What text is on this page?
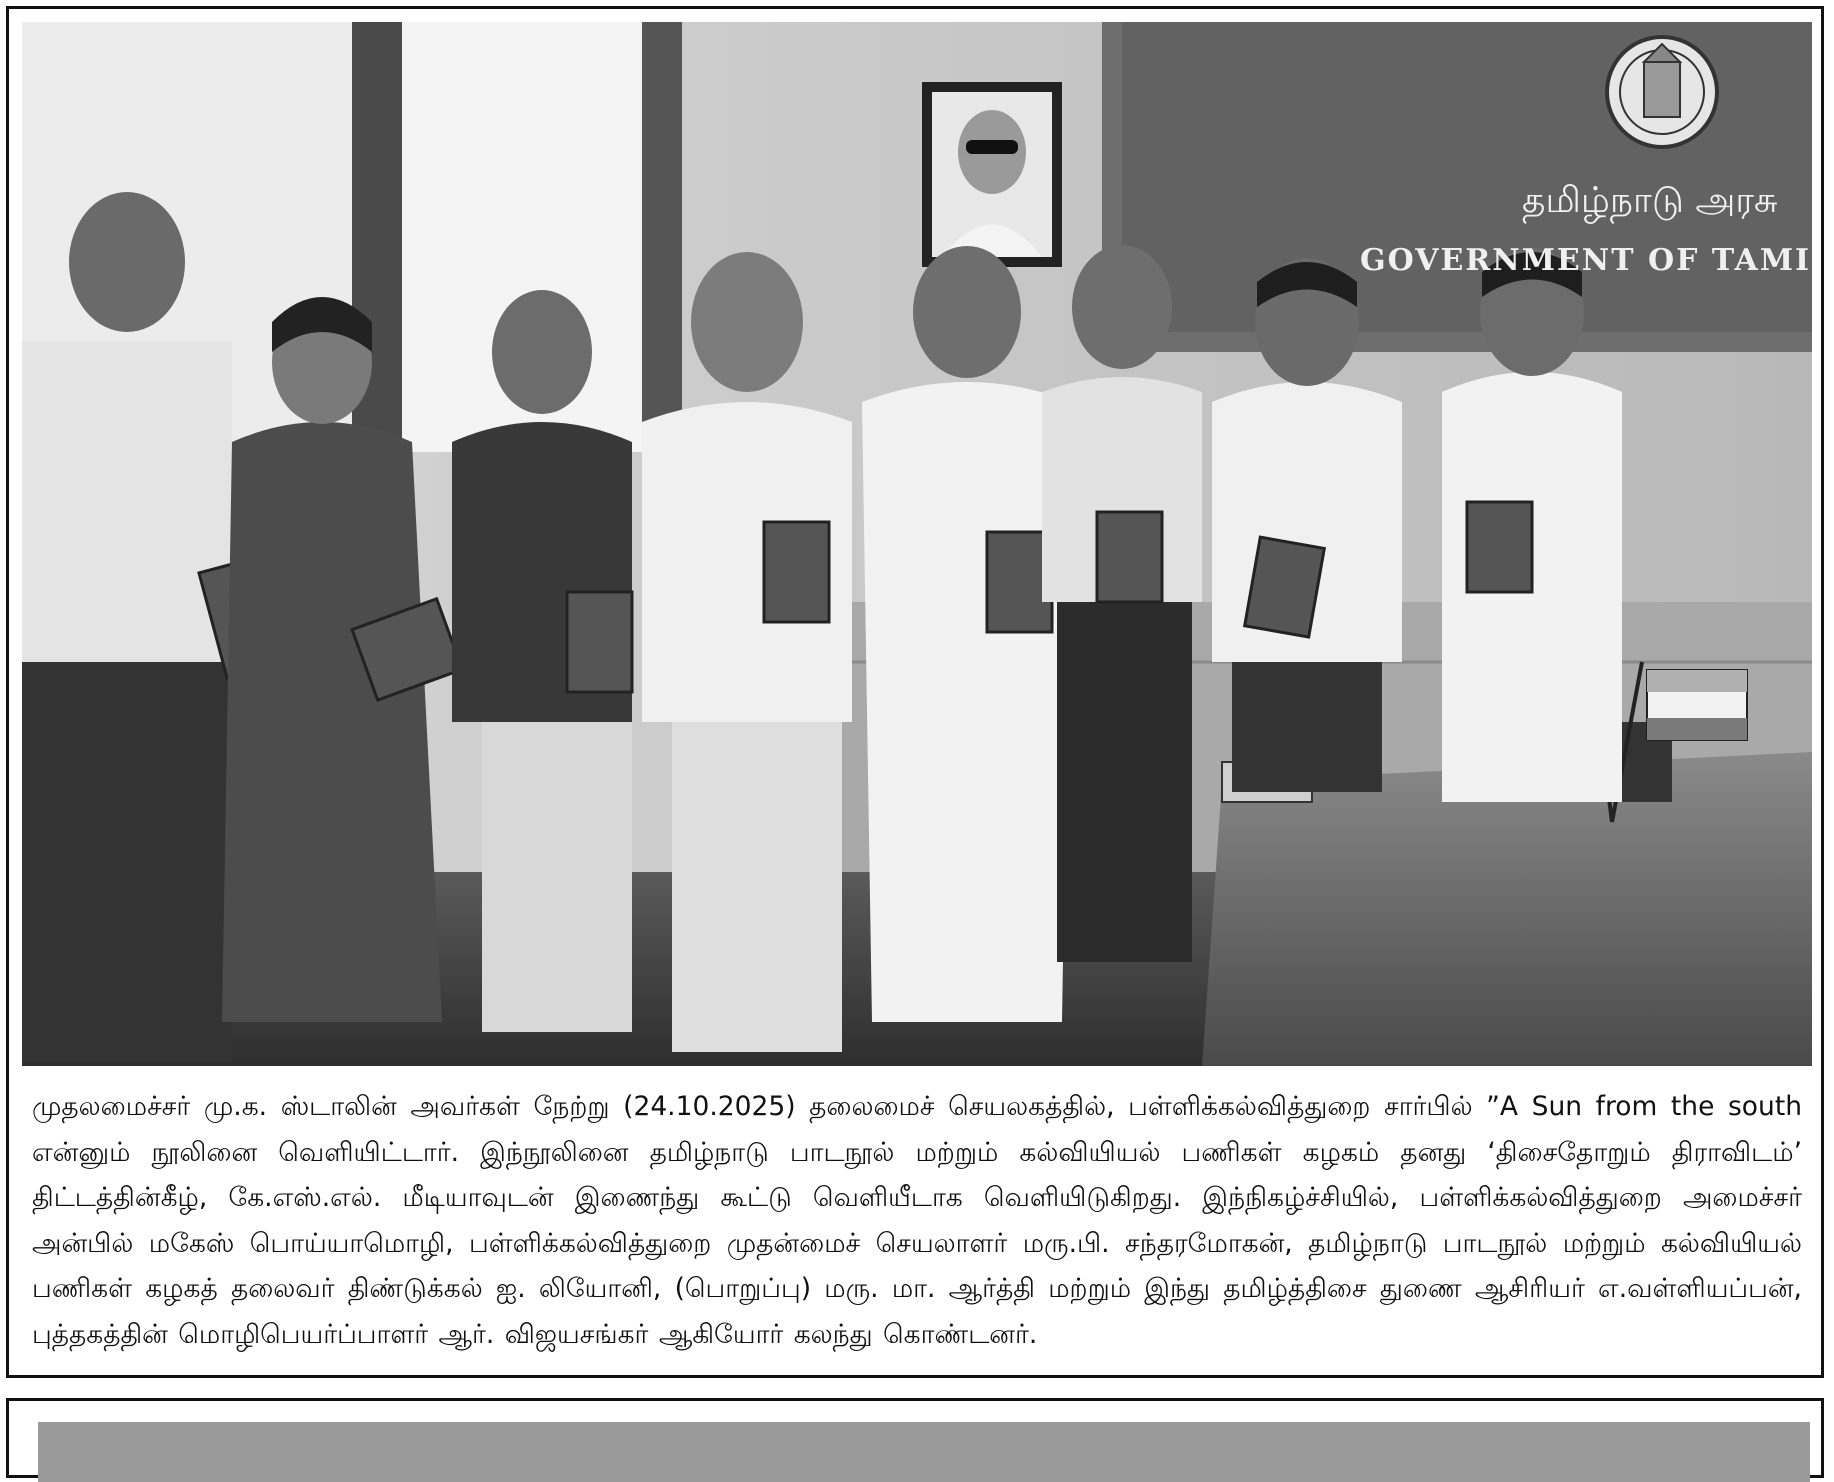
தமிழ்நாடு அரசு
GOVERNMENT OF TAMI
முதலமைச்சர் மு.க. ஸ்டாலின் அவர்கள் நேற்று (24.10.2025) தலைமைச் செயலகத்தில், பள்ளிக்கல்வித்துறை சார்பில் ”A Sun from the south என்னும் நூலினை வெளியிட்டார். இந்நூலினை தமிழ்நாடு பாடநூல் மற்றும் கல்வியியல் பணிகள் கழகம் தனது ‘திசைதோறும் திராவிடம்’ திட்டத்தின்கீழ், கே.எஸ்.எல். மீடியாவுடன் இணைந்து கூட்டு வெளியீடாக வெளியிடுகிறது. இந்நிகழ்ச்சியில், பள்ளிக்கல்வித்துறை அமைச்சர் அன்பில் மகேஸ் பொய்யாமொழி, பள்ளிக்கல்வித்துறை முதன்மைச் செயலாளர் மரு.பி. சந்தரமோகன், தமிழ்நாடு பாடநூல் மற்றும் கல்வியியல் பணிகள் கழகத் தலைவர் திண்டுக்கல் ஐ. லியோனி, (பொறுப்பு) மரு. மா. ஆர்த்தி மற்றும் இந்து தமிழ்த்திசை துணை ஆசிரியர் எ.வள்ளியப்பன், புத்தகத்தின் மொழிபெயர்ப்பாளர் ஆர். விஜயசங்கர் ஆகியோர் கலந்து கொண்டனர்.
